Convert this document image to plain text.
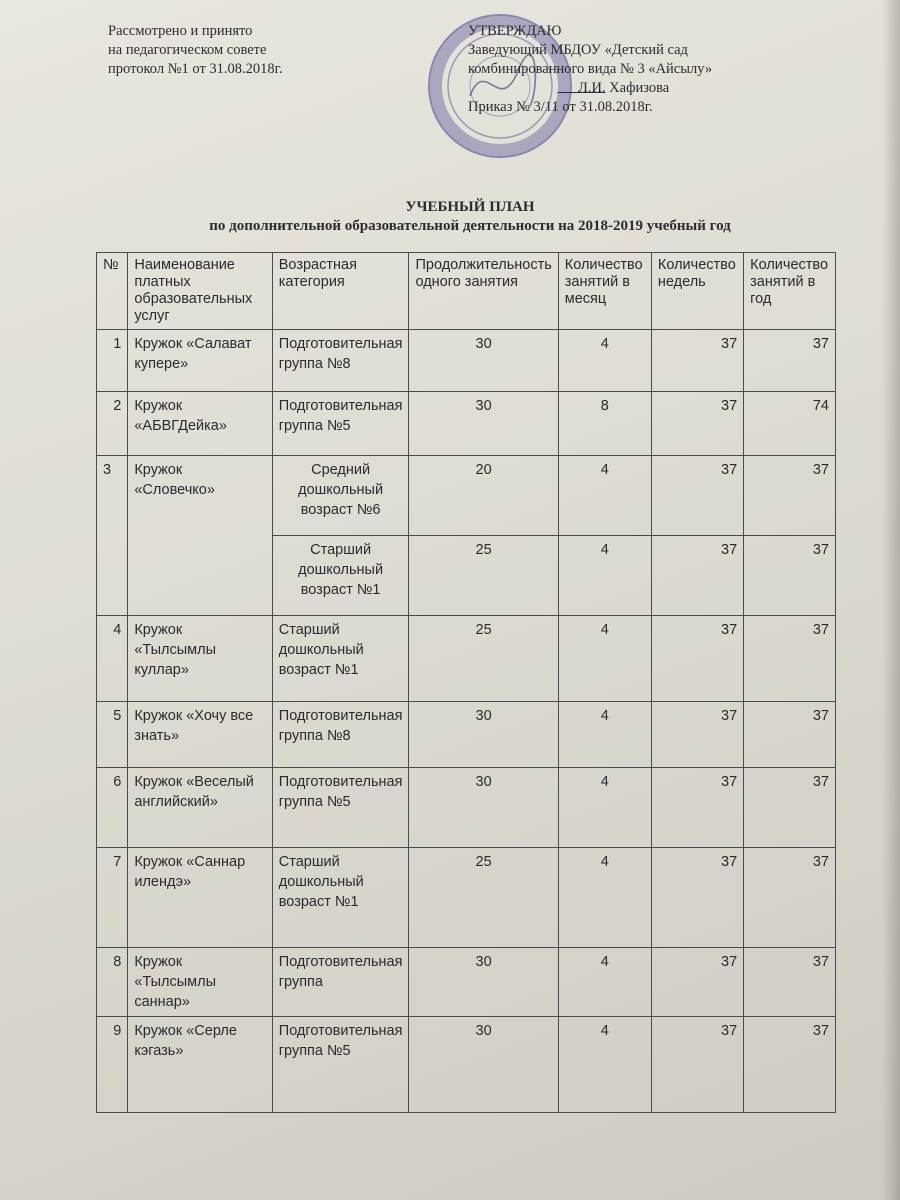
Рассмотрено и принято
на педагогическом совете
протокол №1 от 31.08.2018г.
УТВЕРЖДАЮ
Заведующий МБДОУ «Детский сад
комбинированного вида № 3 «Айсылу»
Л.И. Хафизова
Приказ № 3/11 от 31.08.2018г.
УЧЕБНЫЙ ПЛАН
по дополнительной образовательной деятельности на 2018-2019 учебный год
№	Наименование платных образовательных услуг	Возрастная категория	Продолжительность одного занятия	Количество занятий в месяц	Количество недель	Количество занятий в год
1	Кружок «Салават купере»	Подготовительная группа №8	30	4	37	37
2	Кружок «АБВГДейка»	Подготовительная группа №5	30	8	37	74
3	Кружок «Словечко»	Средний дошкольный возраст №6	20	4	37	37
		Старший дошкольный возраст №1	25	4	37	37
4	Кружок «Тылсымлы куллар»	Старший дошкольный возраст №1	25	4	37	37
5	Кружок «Хочу все знать»	Подготовительная группа №8	30	4	37	37
6	Кружок «Веселый английский»	Подготовительная группа №5	30	4	37	37
7	Кружок «Саннар илендэ»	Старший дошкольный возраст №1	25	4	37	37
8	Кружок «Тылсымлы саннар»	Подготовительная группа	30	4	37	37
9	Кружок «Серле кэгазь»	Подготовительная группа №5	30	4	37	37
